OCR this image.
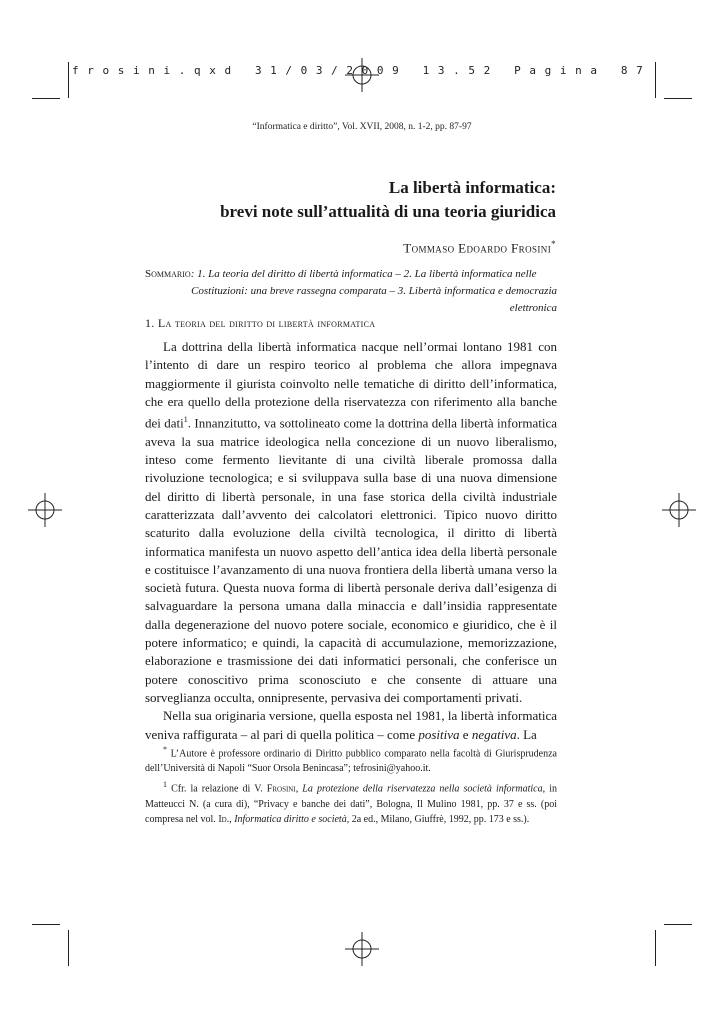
f r o s i n i . q x d   3 1 / 0 3 / 2 0 0 9   1 3 . 5 2   P a g i n a   8 7
“Informatica e diritto”, Vol. XVII, 2008, n. 1-2, pp. 87-97
La libertà informatica:
brevi note sull’attualità di una teoria giuridica
Tommaso Edoardo Frosini*
Sommario: 1. La teoria del diritto di libertà informatica – 2. La libertà informatica nelle
Costituzioni: una breve rassegna comparata – 3. Libertà informatica e democrazia elettronica
1. La teoria del diritto di libertà informatica

La dottrina della libertà informatica nacque nell’ormai lontano 1981 con l’intento di dare un respiro teorico al problema che allora impegnava maggiormente il giurista coinvolto nelle tematiche di diritto dell’informatica, che era quello della protezione della riservatezza con riferimento alla banche dei dati$^1$. Innanzitutto, va sottolineato come la dottrina della libertà informatica aveva la sua matrice ideologica nella concezione di un nuovo liberalismo, inteso come fermento lievitante di una civiltà liberale promossa dalla rivoluzione tecnologica; e si sviluppava sulla base di una nuova dimensione del diritto di libertà personale, in una fase storica della civiltà industriale caratterizzata dall’avvento dei calcolatori elettronici. Tipico nuovo diritto scaturito dalla evoluzione della civiltà tecnologica, il diritto di libertà informatica manifesta un nuovo aspetto dell’antica idea della libertà personale e costituisce l’avanzamento di una nuova frontiera della libertà umana verso la società futura. Questa nuova forma di libertà personale deriva dall’esigenza di salvaguardare la persona umana dalla minaccia e dall’insidia rappresentate dalla degenerazione del nuovo potere sociale, economico e giuridico, che è il potere informatico; e quindi, la capacità di accumulazione, memorizzazione, elaborazione e trasmissione dei dati informatici personali, che conferisce un potere conoscitivo prima sconosciuto e che consente di attuare una sorveglianza occulta, onnipresente, pervasiva dei comportamenti privati.

Nella sua originaria versione, quella esposta nel 1981, la libertà informatica veniva raffigurata – al pari di quella politica – come positiva e negativa. La

* L’Autore è professore ordinario di Diritto pubblico comparato nella facoltà di Giurisprudenza dell’Università di Napoli “Suor Orsola Benincasa”; tefrosini@yahoo.it.

$^1$ Cfr. la relazione di V. Frosini, La protezione della riservatezza nella società informatica, in Matteucci N. (a cura di), “Privacy e banche dei dati”, Bologna, Il Mulino 1981, pp. 37 e ss. (poi compresa nel vol. Id., Informatica diritto e società, 2a ed., Milano, Giuffrè, 1992, pp. 173 e ss.).
